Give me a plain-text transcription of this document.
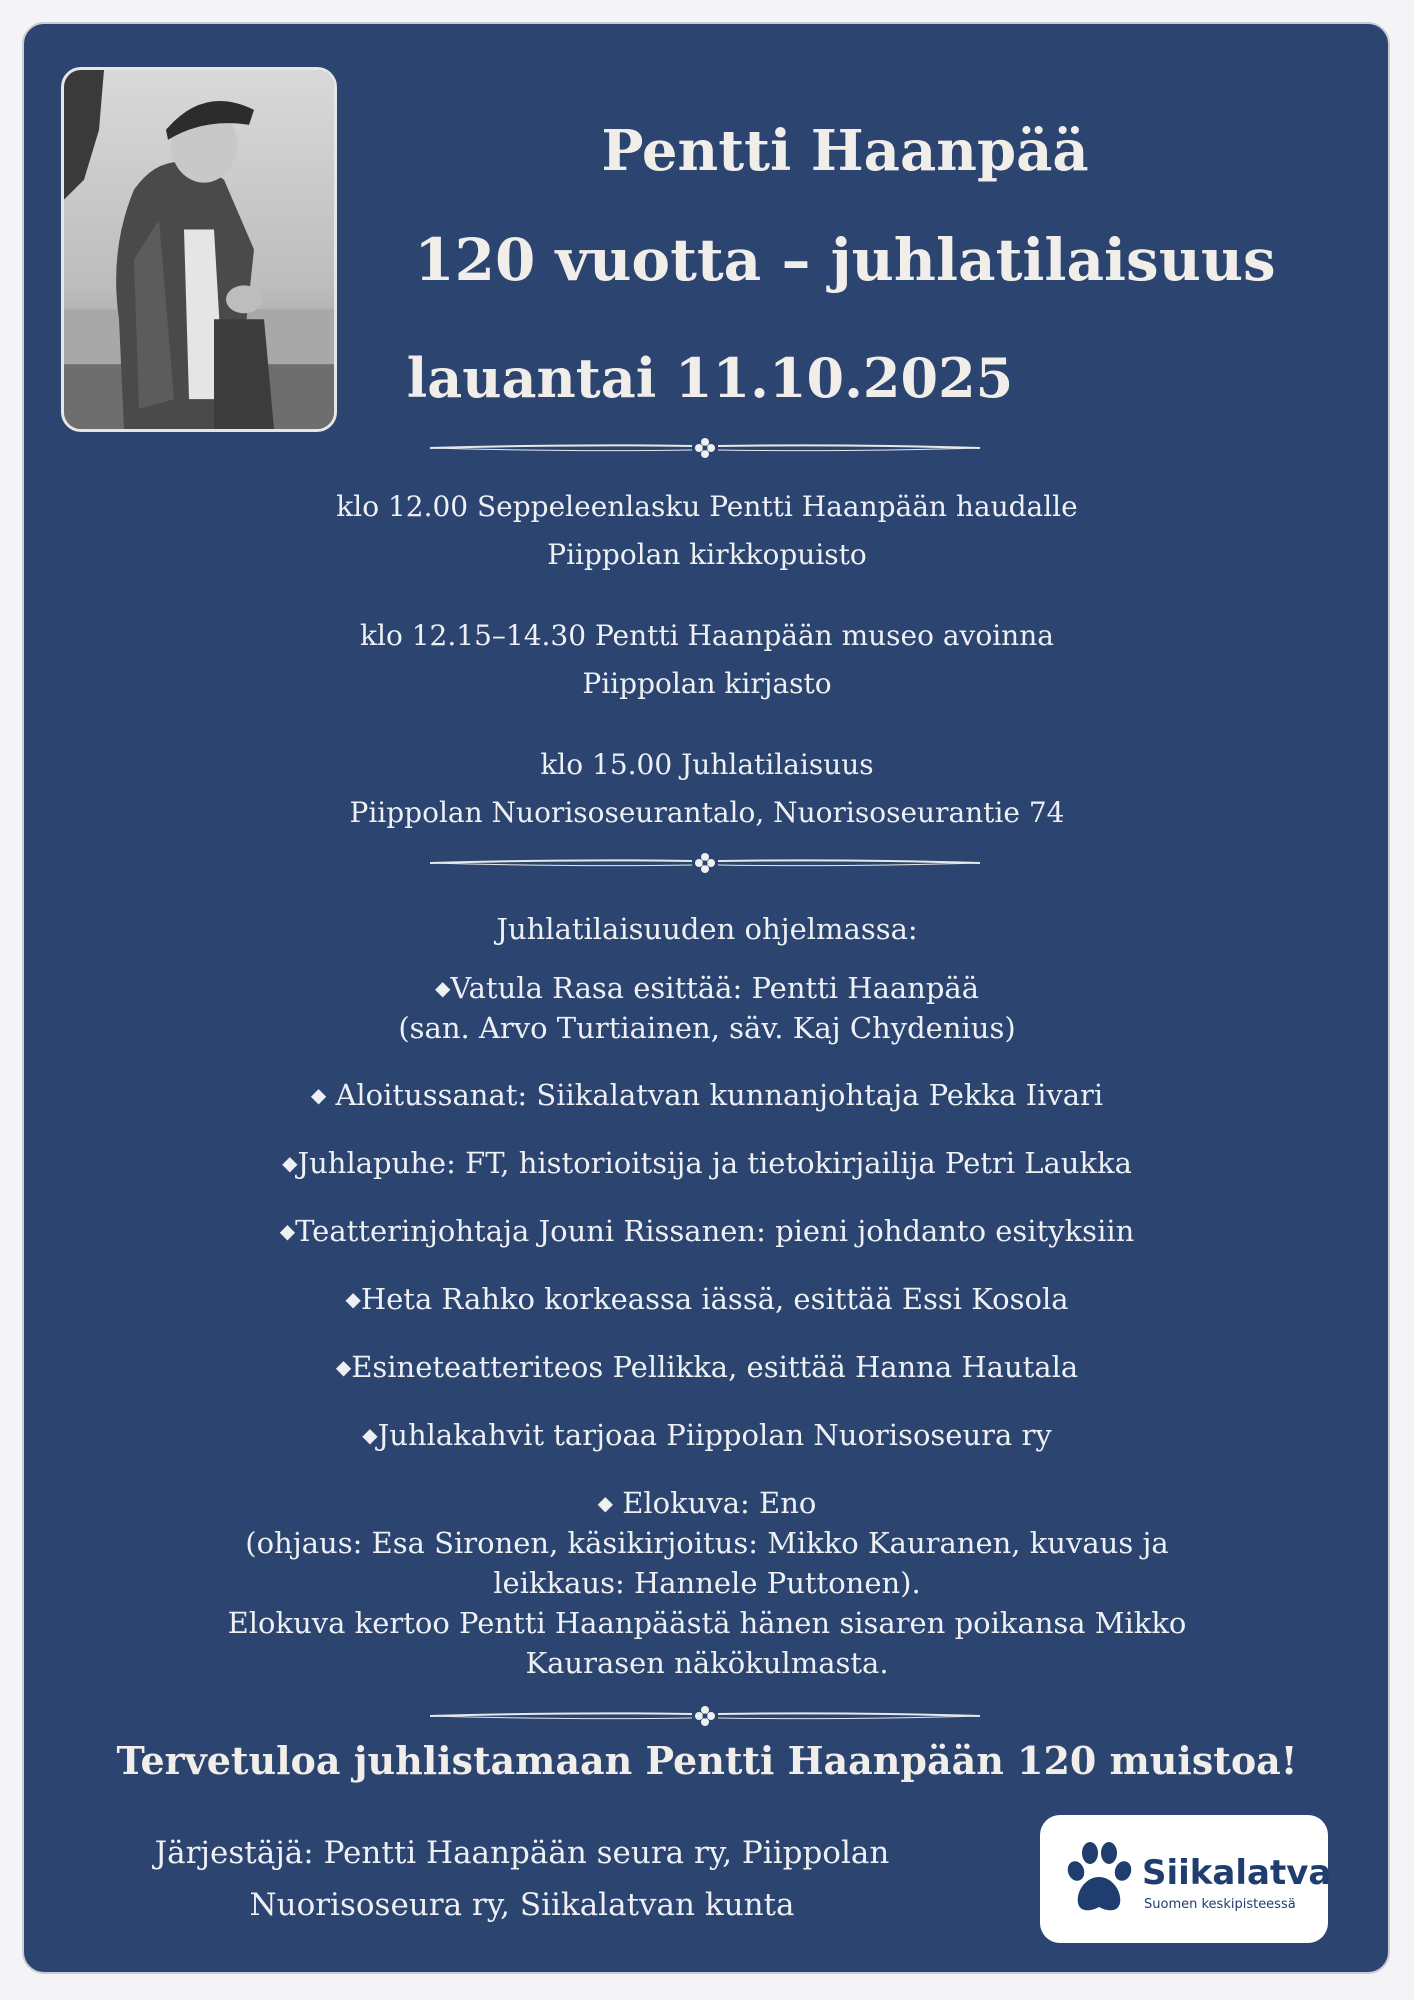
Pentti Haanpää
120 vuotta – juhlatilaisuus
lauantai 11.10.2025
klo 12.00 Seppeleenlasku Pentti Haanpään haudalle
Piippolan kirkkopuisto
klo 12.15–14.30 Pentti Haanpään museo avoinna
Piippolan kirjasto
klo 15.00 Juhlatilaisuus
Piippolan Nuorisoseurantalo, Nuorisoseurantie 74
Juhlatilaisuuden ohjelmassa:
◆Vatula Rasa esittää: Pentti Haanpää
(san. Arvo Turtiainen, säv. Kaj Chydenius)
◆ Aloitussanat: Siikalatvan kunnanjohtaja Pekka Iivari
◆Juhlapuhe: FT, historioitsija ja tietokirjailija Petri Laukka
◆Teatterinjohtaja Jouni Rissanen: pieni johdanto esityksiin
◆Heta Rahko korkeassa iässä, esittää Essi Kosola
◆Esineteatteriteos Pellikka, esittää Hanna Hautala
◆Juhlakahvit tarjoaa Piippolan Nuorisoseura ry
◆ Elokuva: Eno
(ohjaus: Esa Sironen, käsikirjoitus: Mikko Kauranen, kuvaus ja
leikkaus: Hannele Puttonen).
Elokuva kertoo Pentti Haanpäästä hänen sisaren poikansa Mikko
Kaurasen näkökulmasta.
Tervetuloa juhlistamaan Pentti Haanpään 120 muistoa!
Järjestäjä: Pentti Haanpään seura ry, Piippolan
Nuorisoseura ry, Siikalatvan kunta
Siikalatva
Suomen keskipisteessä
